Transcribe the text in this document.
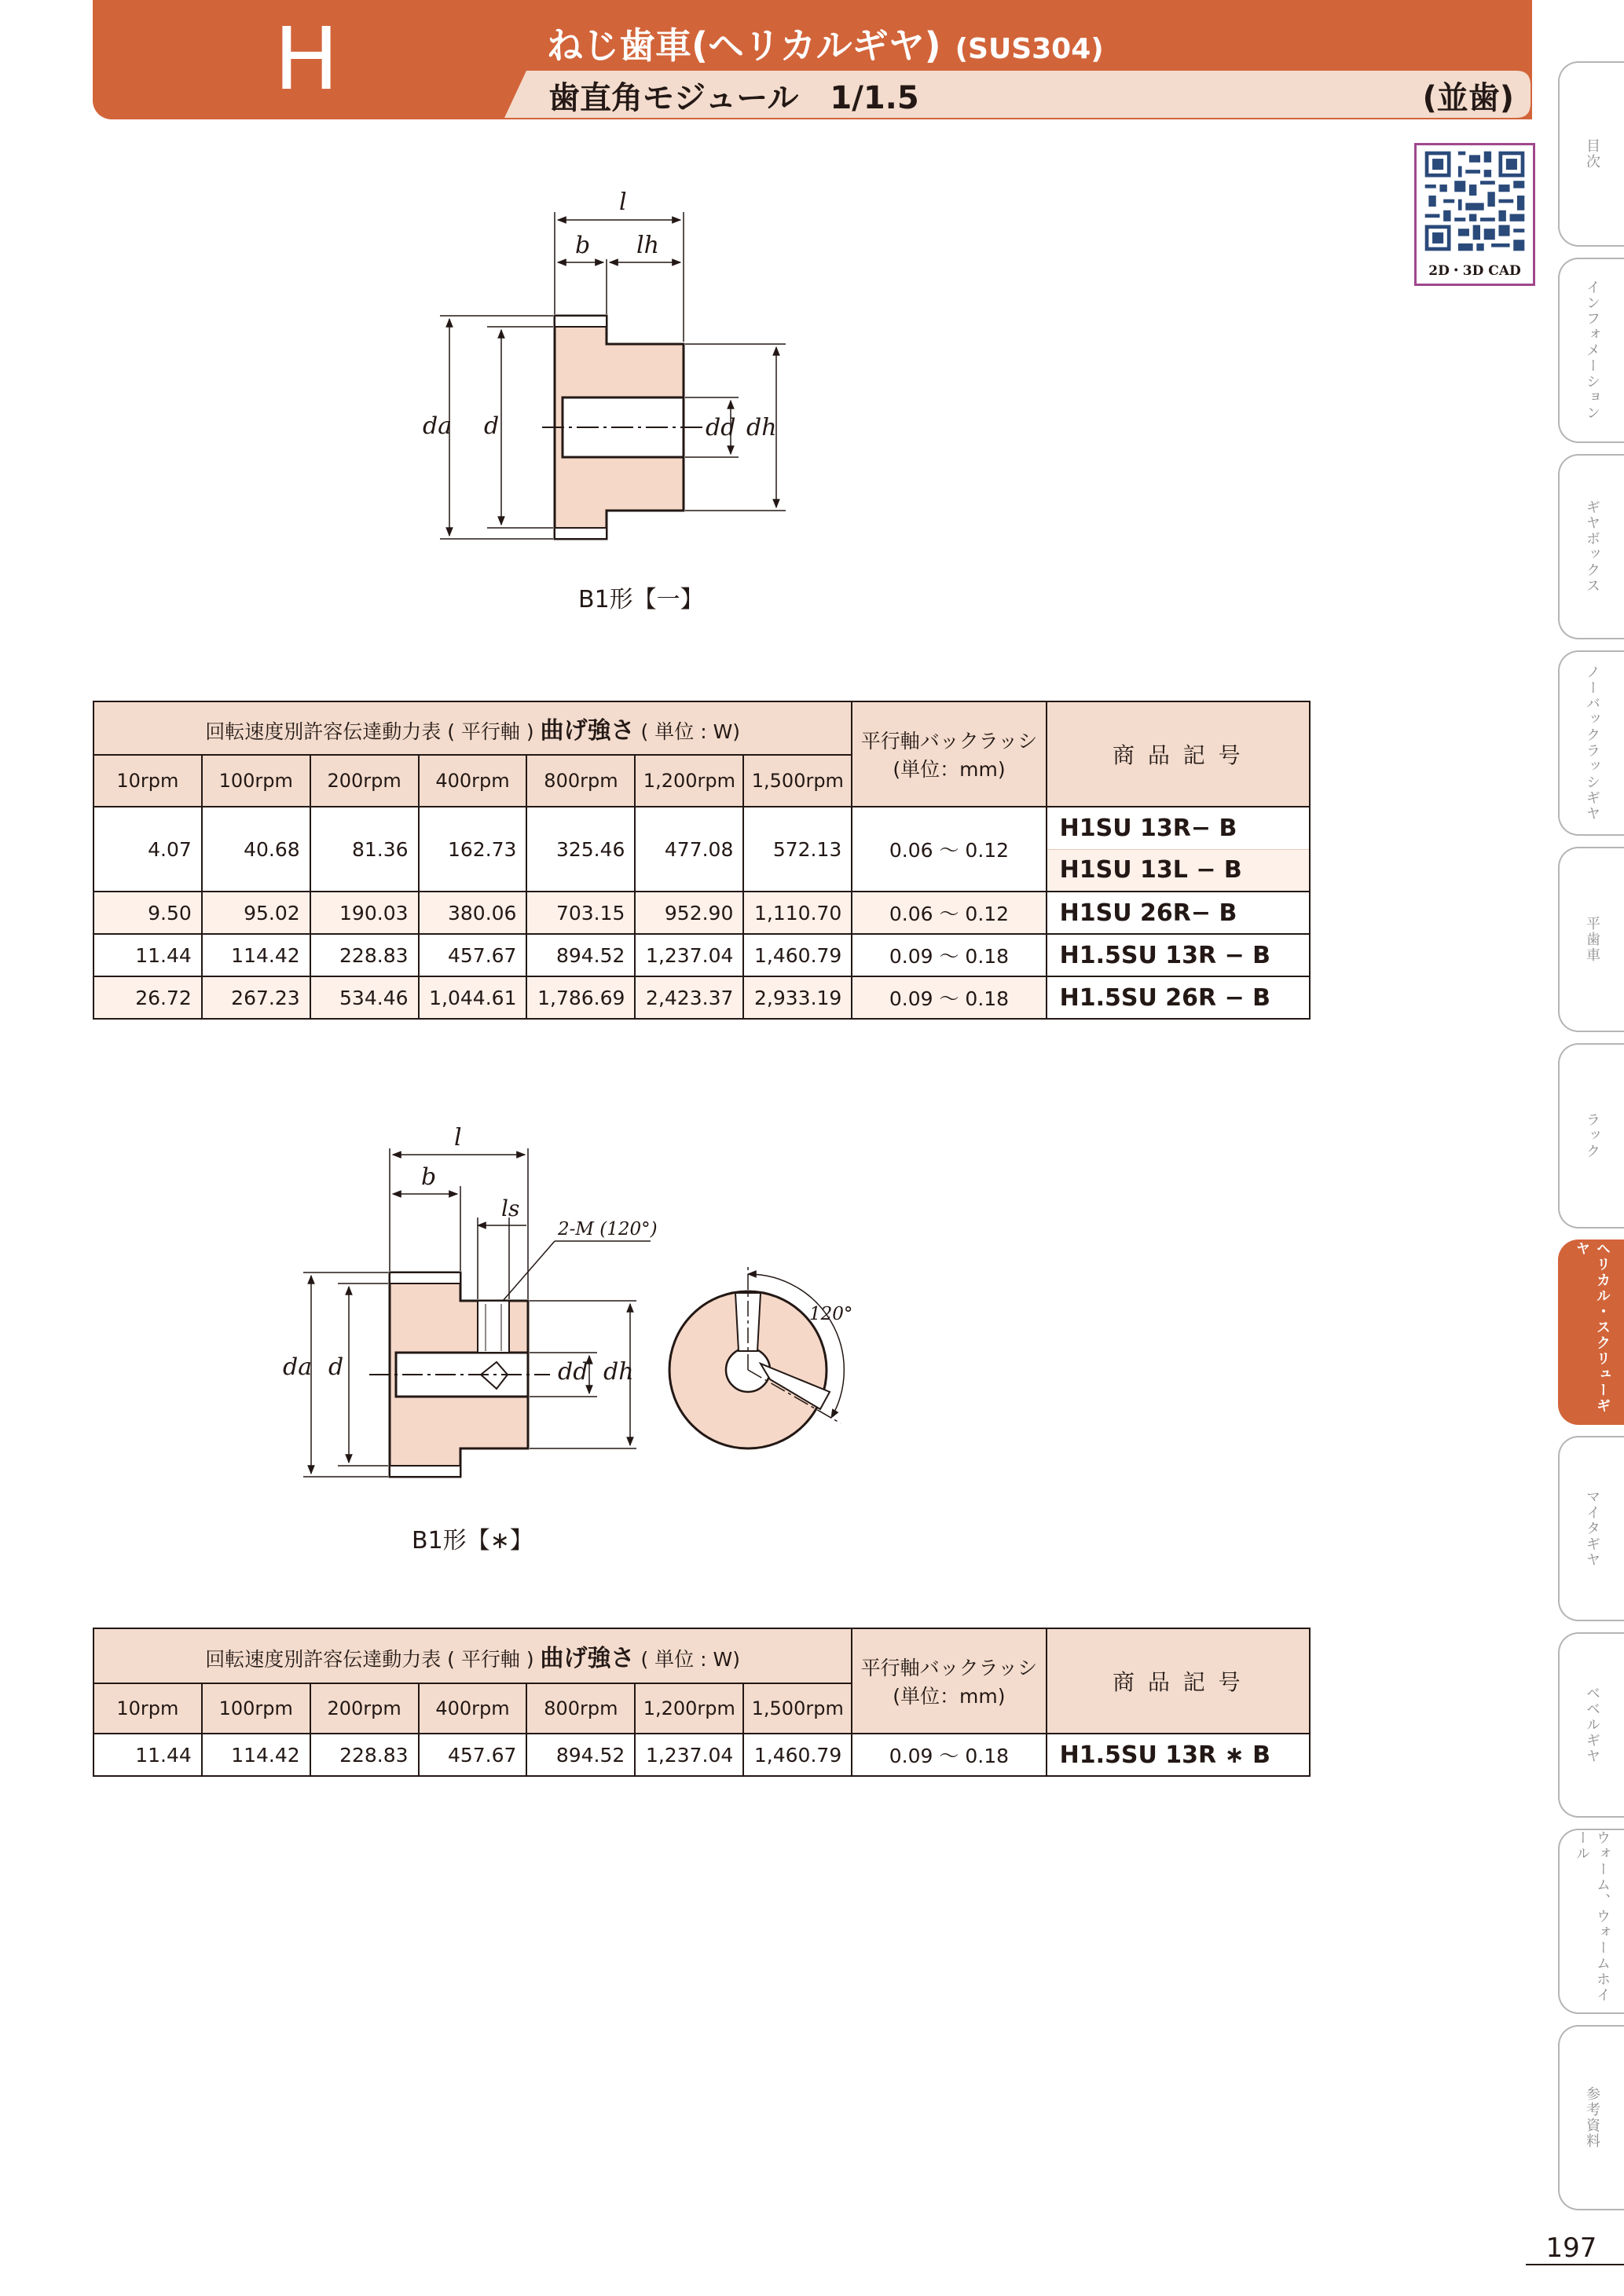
H	ねじ歯車(ヘリカルギヤ) (SUS304)
歯直角モジュール　1/1.5	(並歯)
2D・3D CAD
目次
インフォメーション
ギヤボックス
ノーバックラッシギヤ
平歯車
ラック
ヘリカル・スクリューギヤ
マイタギヤ
ベベルギヤ
ウォーム、ウォームホイール
参考資料
197
l
b lh
da d	dd dh
B1形【一】
回転速度別許容伝達動力表 ( 平行軸 ) 曲げ強さ ( 単位 : W)							平行軸バックラッシ
(単位：mm)	商 品 記 号
10rpm	100rpm	200rpm	400rpm	800rpm	1,200rpm	1,500rpm		
4.07	40.68	81.36	162.73	325.46	477.08	572.13	0.06 ～ 0.12	H1SU 13R− B
								H1SU 13L − B
9.50	95.02	190.03	380.06	703.15	952.90	1,110.70	0.06 ～ 0.12	H1SU 26R− B
11.44	114.42	228.83	457.67	894.52	1,237.04	1,460.79	0.09 ～ 0.18	H1.5SU 13R − B
26.72	267.23	534.46	1,044.61	1,786.69	2,423.37	2,933.19	0.09 ～ 0.18	H1.5SU 26R − B
l
b
ls
2-M (120°)
da d	dd dh
120°
B1形【∗】
回転速度別許容伝達動力表 ( 平行軸 ) 曲げ強さ ( 単位 : W)							平行軸バックラッシ
(単位：mm)	商 品 記 号
10rpm	100rpm	200rpm	400rpm	800rpm	1,200rpm	1,500rpm		
11.44	114.42	228.83	457.67	894.52	1,237.04	1,460.79	0.09 ～ 0.18	H1.5SU 13R ∗ B
